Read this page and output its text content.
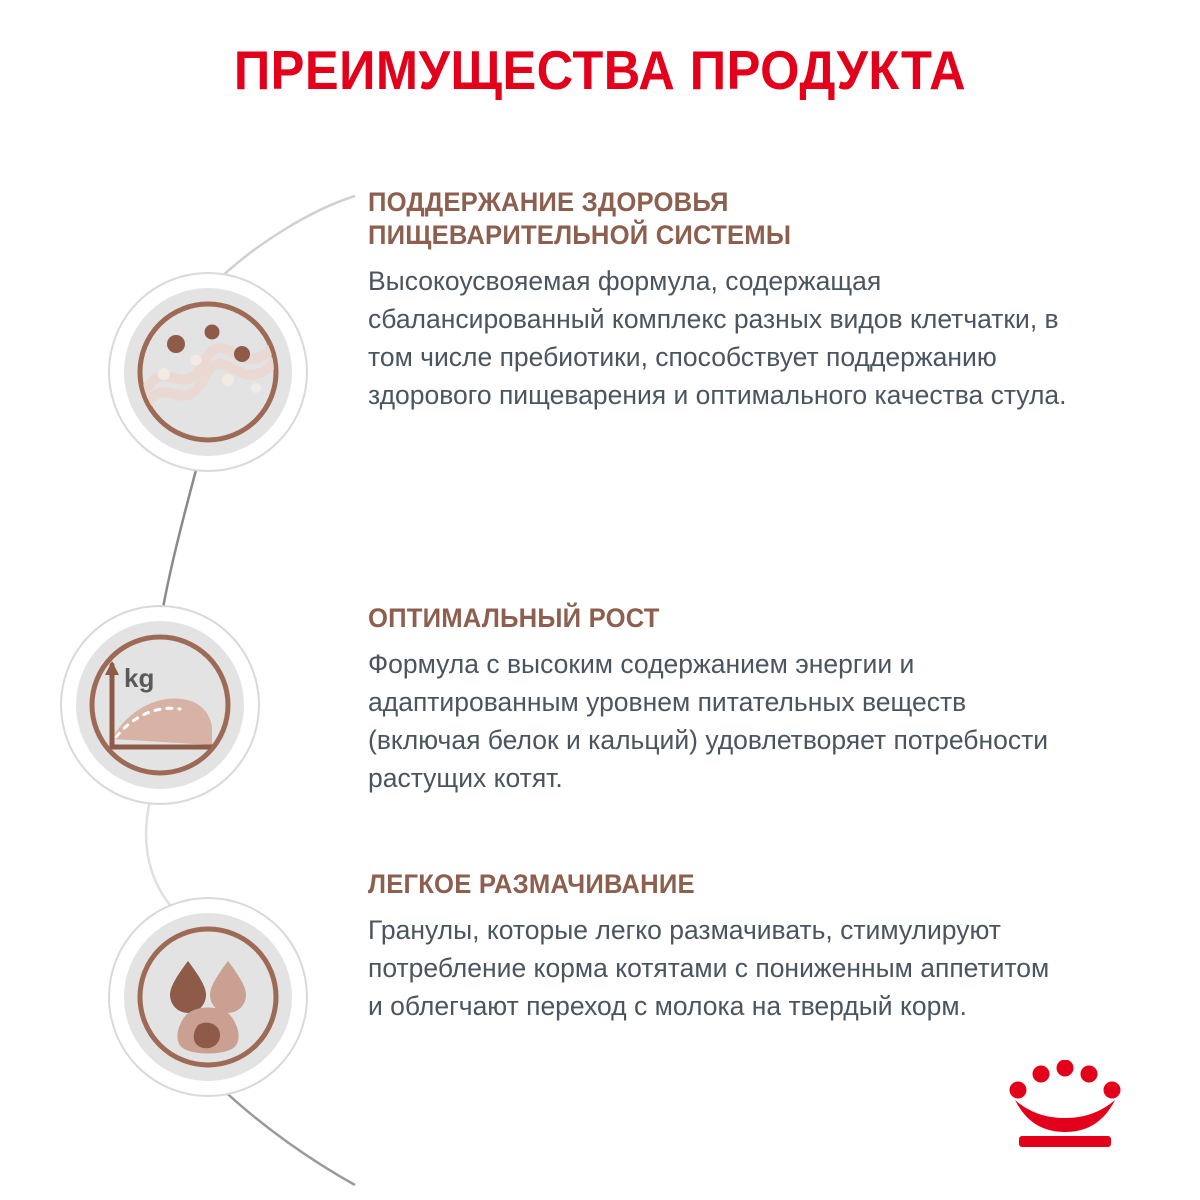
ПРЕИМУЩЕСТВА ПРОДУКТА
kg
ПОДДЕРЖАНИЕ ЗДОРОВЬЯ
ПИЩЕВАРИТЕЛЬНОЙ СИСТЕМЫ

Высокоусвояемая формула, содержащая сбалансированный комплекс разных видов клетчатки, в том числе пребиотики, способствует поддержанию здорового пищеварения и оптимального качества стула.

ОПТИМАЛЬНЫЙ РОСТ

Формула с высоким содержанием энергии и адаптированным уровнем питательных веществ (включая белок и кальций) удовлетворяет потребности растущих котят.

ЛЕГКОЕ РАЗМАЧИВАНИЕ

Гранулы, которые легко размачивать, стимулируют потребление корма котятами с пониженным аппетитом и облегчают переход с молока на твердый корм.
